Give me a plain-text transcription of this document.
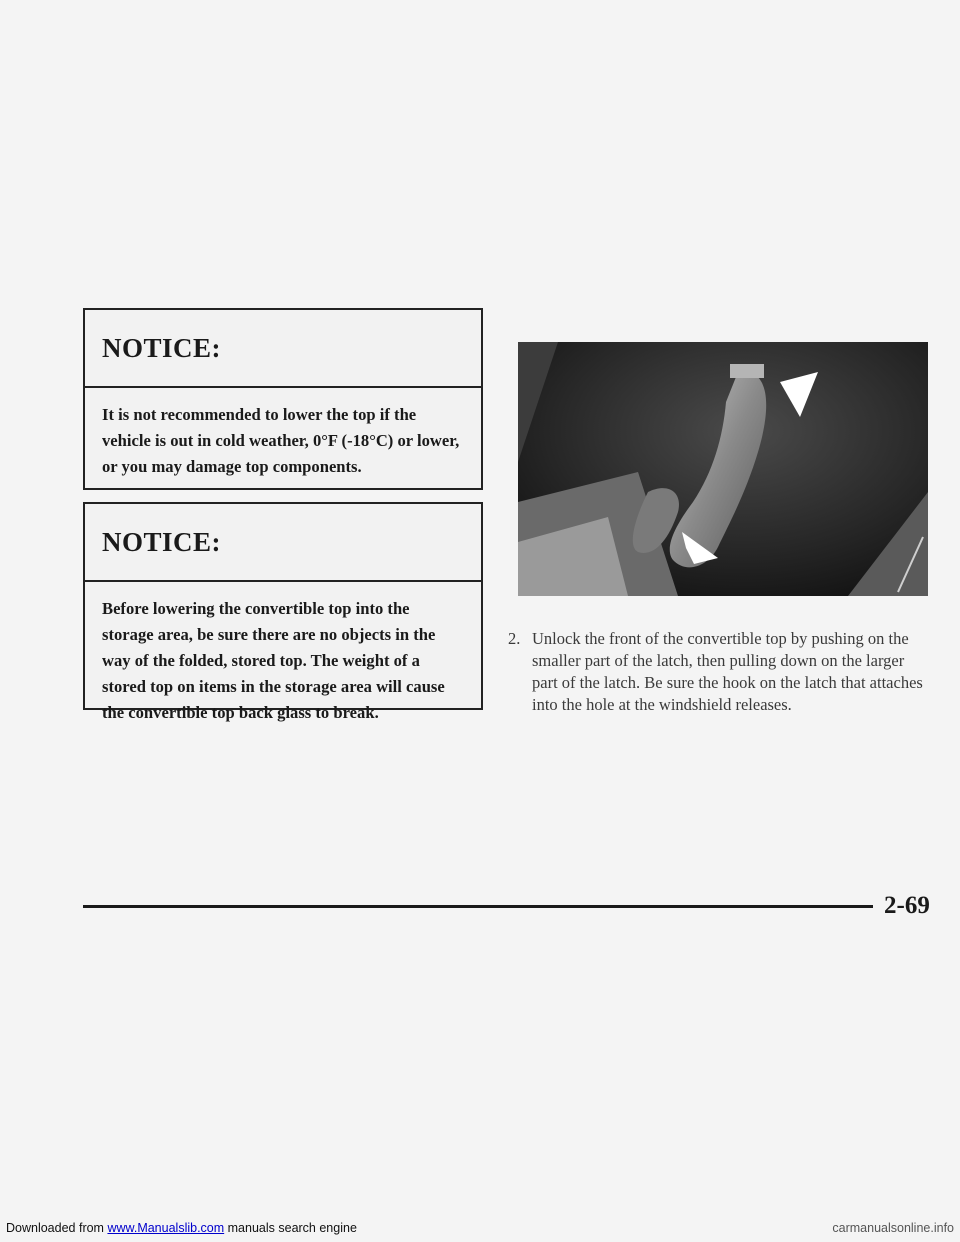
NOTICE:
It is not recommended to lower the top if the vehicle is out in cold weather, 0°F (-18°C) or lower, or you may damage top components.
NOTICE:
Before lowering the convertible top into the storage area, be sure there are no objects in the way of the folded, stored top. The weight of a stored top on items in the storage area will cause the convertible top back glass to break.
2. Unlock the front of the convertible top by pushing on the smaller part of the latch, then pulling down on the larger part of the latch. Be sure the hook on the latch that attaches into the hole at the windshield releases.
2-69
Downloaded from www.Manualslib.com manuals search engine	carmanualsonline.info
